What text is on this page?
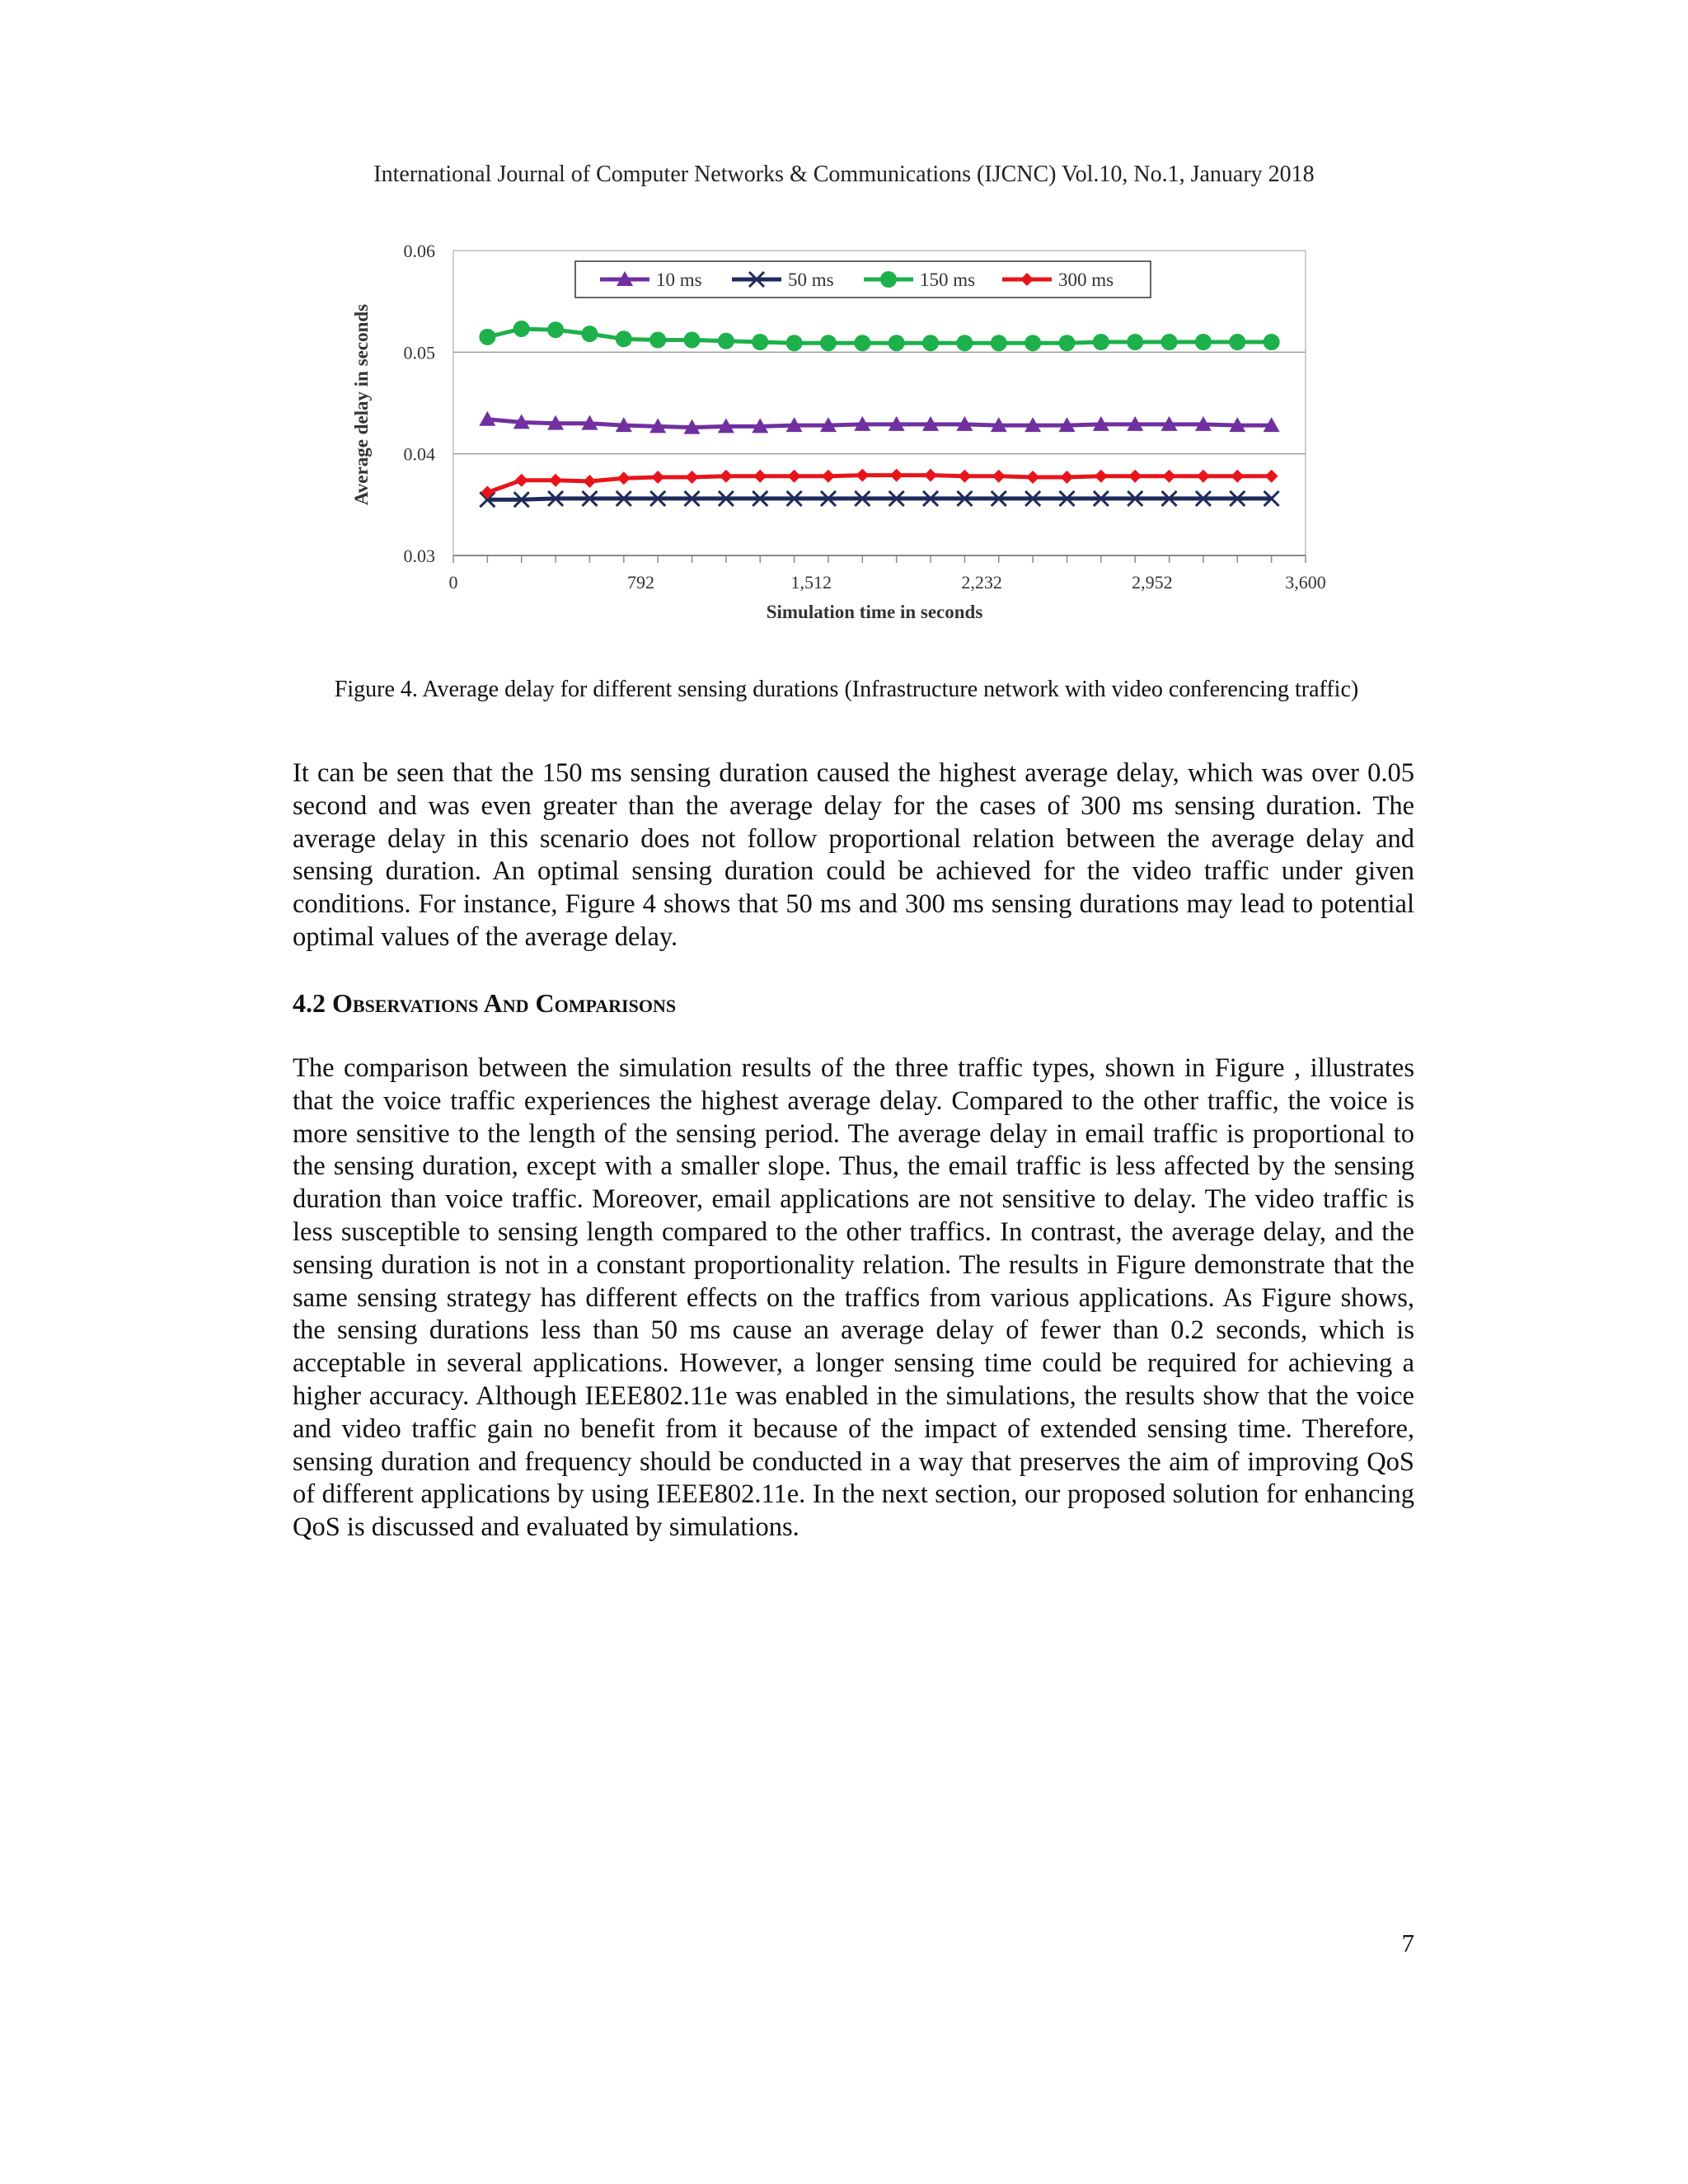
International Journal of Computer Networks & Communications (IJCNC) Vol.10, No.1, January 2018
0.06
0.05
0.04
0.03
0	792	1,512	2,232	2,952	3,600
Simulation time in seconds
Average delay in seconds
10 ms	50 ms	150 ms	300 ms
Figure 4. Average delay for different sensing durations (Infrastructure network with video conferencing traffic)

It can be seen that the 150 ms sensing duration caused the highest average delay, which was over 0.05 second and was even greater than the average delay for the cases of 300 ms sensing duration. The average delay in this scenario does not follow proportional relation between the average delay and sensing duration. An optimal sensing duration could be achieved for the video traffic under given conditions. For instance, Figure 4 shows that 50 ms and 300 ms sensing durations may lead to potential optimal values of the average delay.

4.2 Observations And Comparisons

The comparison between the simulation results of the three traffic types, shown in Figure , illustrates that the voice traffic experiences the highest average delay. Compared to the other traffic, the voice is more sensitive to the length of the sensing period. The average delay in email traffic is proportional to the sensing duration, except with a smaller slope. Thus, the email traffic is less affected by the sensing duration than voice traffic. Moreover, email applications are not sensitive to delay. The video traffic is less susceptible to sensing length compared to the other traffics. In contrast, the average delay, and the sensing duration is not in a constant proportionality relation. The results in Figure demonstrate that the same sensing strategy has different effects on the traffics from various applications. As Figure shows, the sensing durations less than 50 ms cause an average delay of fewer than 0.2 seconds, which is acceptable in several applications. However, a longer sensing time could be required for achieving a higher accuracy. Although IEEE802.11e was enabled in the simulations, the results show that the voice and video traffic gain no benefit from it because of the impact of extended sensing time. Therefore, sensing duration and frequency should be conducted in a way that preserves the aim of improving QoS of different applications by using IEEE802.11e. In the next section, our proposed solution for enhancing QoS is discussed and evaluated by simulations.

7
